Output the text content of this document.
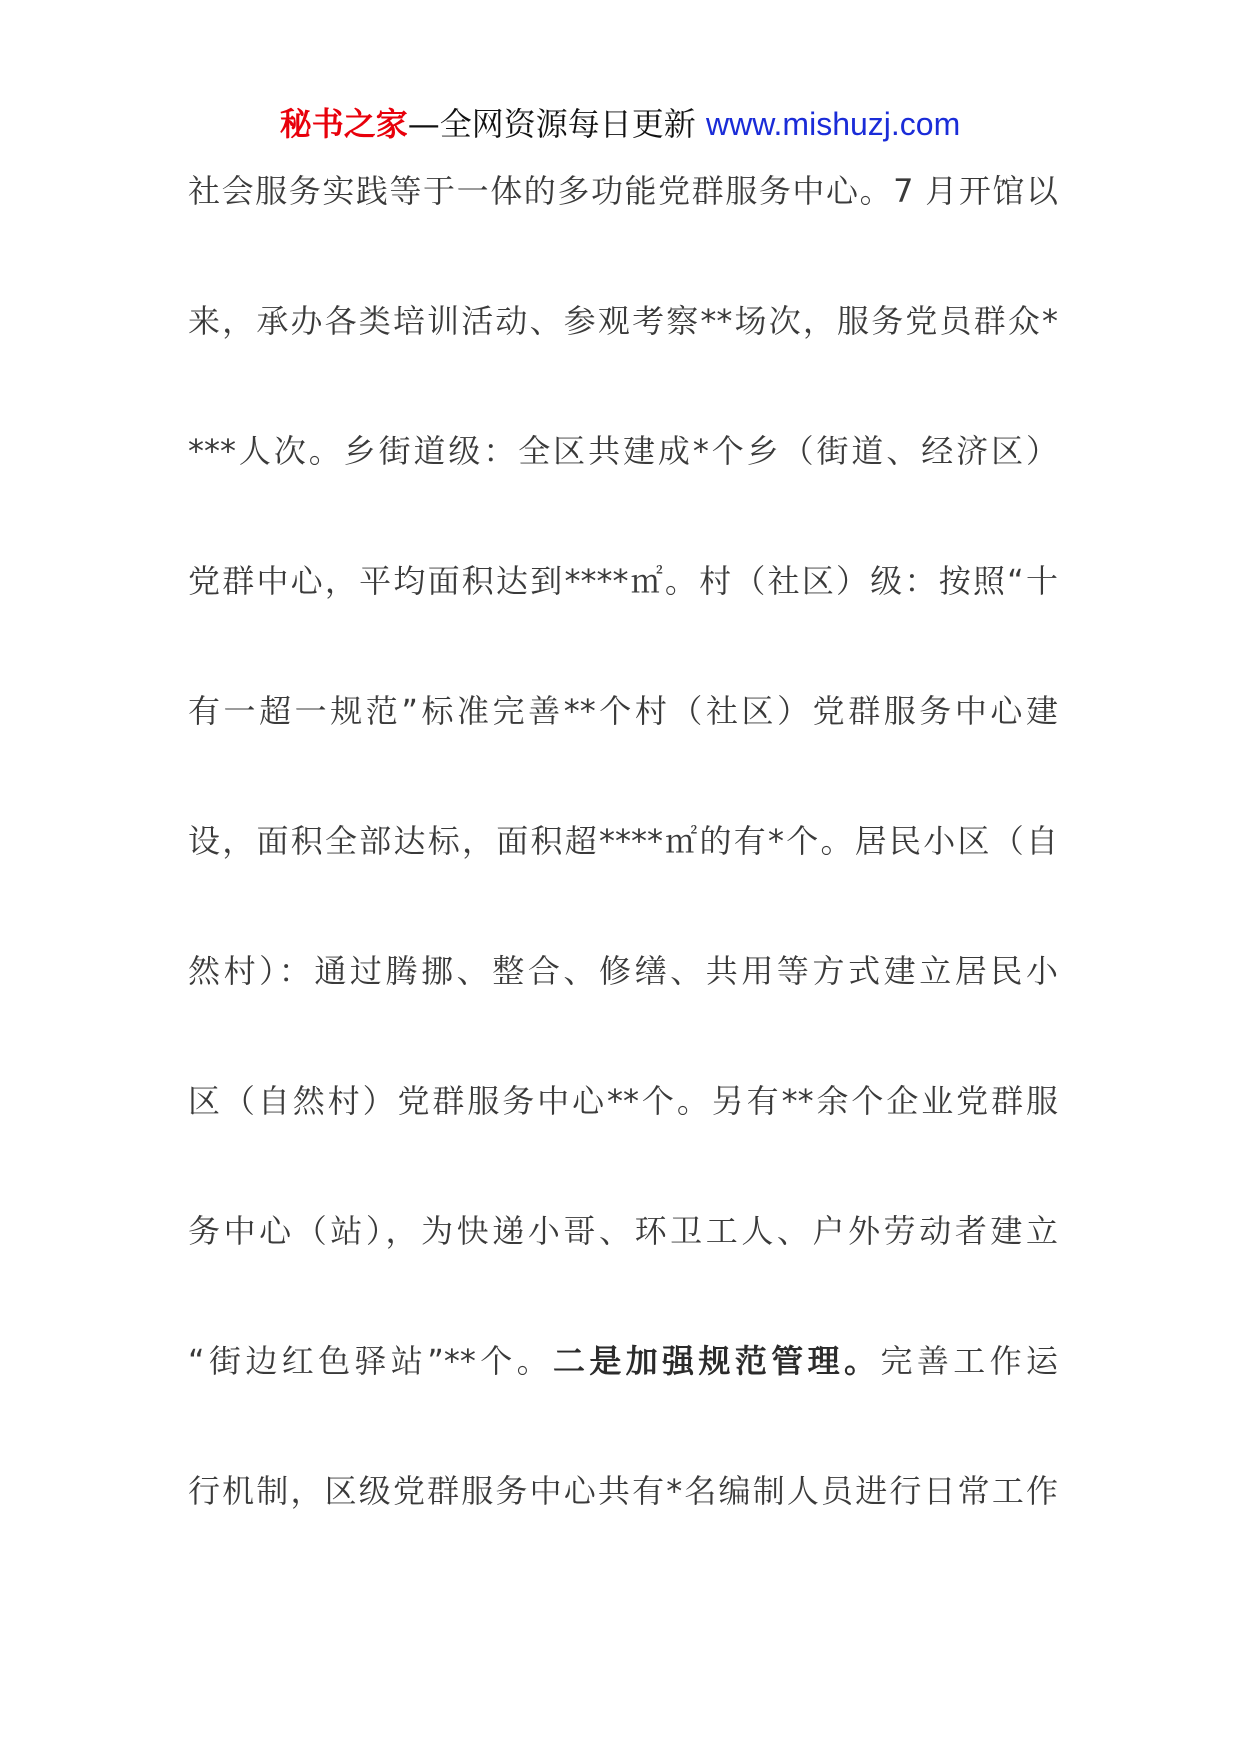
秘书之家—全网资源每日更新 www.mishuzj.com
社会服务实践等于一体的多功能党群服务中心。7 月开馆以
来，承办各类培训活动、参观考察**场次，服务党员群众*
***人次。乡街道级：全区共建成*个乡（街道、经济区）
党群中心，平均面积达到****㎡。村（社区）级：按照“十
有一超一规范”标准完善**个村（社区）党群服务中心建
设，面积全部达标，面积超****㎡的有*个。居民小区（自
然村）：通过腾挪、整合、修缮、共用等方式建立居民小
区（自然村）党群服务中心**个。另有**余个企业党群服
务中心（站），为快递小哥、环卫工人、户外劳动者建立
“街边红色驿站”**个。二是加强规范管理。完善工作运
行机制，区级党群服务中心共有*名编制人员进行日常工作
